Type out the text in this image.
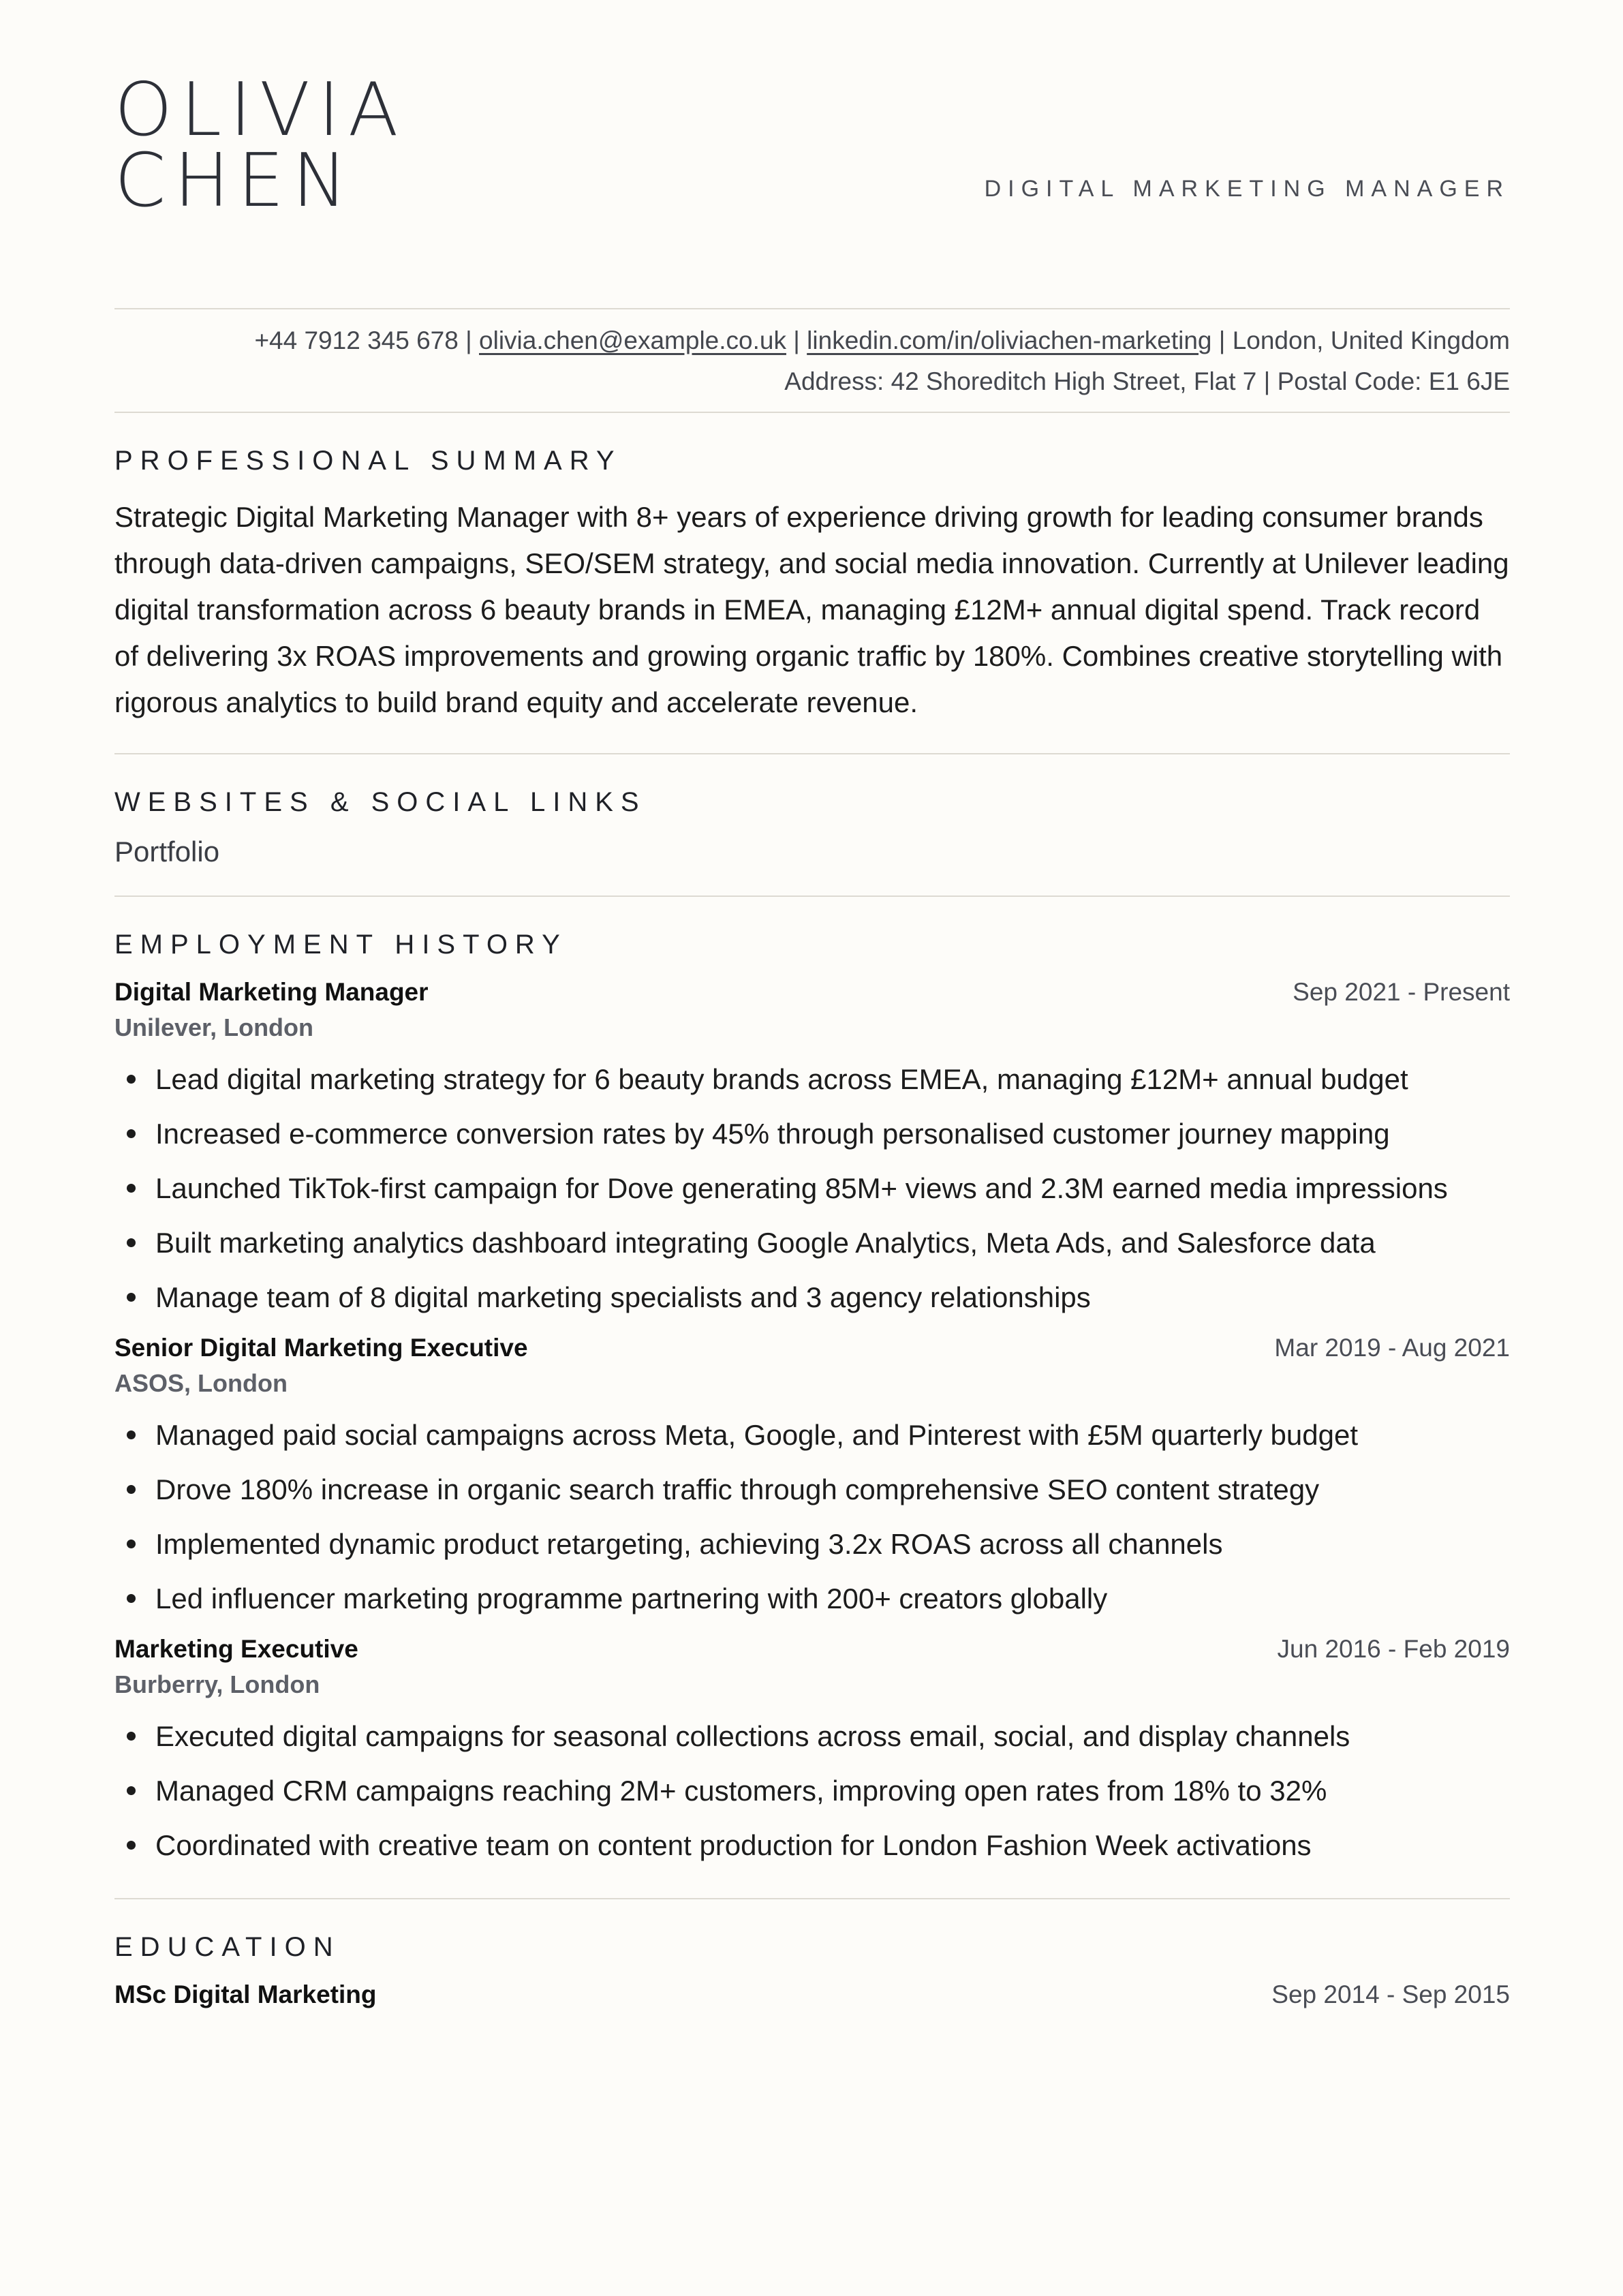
OLIVIA
CHEN	DIGITAL MARKETING MANAGER
+44 7912 345 678 | olivia.chen@example.co.uk | linkedin.com/in/oliviachen-marketing | London, United Kingdom
Address: 42 Shoreditch High Street, Flat 7 | Postal Code: E1 6JE
PROFESSIONAL SUMMARY

Strategic Digital Marketing Manager with 8+ years of experience driving growth for leading consumer brands through data-driven campaigns, SEO/SEM strategy, and social media innovation. Currently at Unilever leading digital transformation across 6 beauty brands in EMEA, managing £12M+ annual digital spend. Track record of delivering 3x ROAS improvements and growing organic traffic by 180%. Combines creative storytelling with rigorous analytics to build brand equity and accelerate revenue.

WEBSITES & SOCIAL LINKS

Portfolio

EMPLOYMENT HISTORY
Digital Marketing Manager	Sep 2021 - Present
Unilever, London
Lead digital marketing strategy for 6 beauty brands across EMEA, managing £12M+ annual budget
Increased e-commerce conversion rates by 45% through personalised customer journey mapping
Launched TikTok-first campaign for Dove generating 85M+ views and 2.3M earned media impressions
Built marketing analytics dashboard integrating Google Analytics, Meta Ads, and Salesforce data
Manage team of 8 digital marketing specialists and 3 agency relationships
Senior Digital Marketing Executive	Mar 2019 - Aug 2021
ASOS, London
Managed paid social campaigns across Meta, Google, and Pinterest with £5M quarterly budget
Drove 180% increase in organic search traffic through comprehensive SEO content strategy
Implemented dynamic product retargeting, achieving 3.2x ROAS across all channels
Led influencer marketing programme partnering with 200+ creators globally
Marketing Executive	Jun 2016 - Feb 2019
Burberry, London
Executed digital campaigns for seasonal collections across email, social, and display channels
Managed CRM campaigns reaching 2M+ customers, improving open rates from 18% to 32%
Coordinated with creative team on content production for London Fashion Week activations
EDUCATION
MSc Digital Marketing	Sep 2014 - Sep 2015
